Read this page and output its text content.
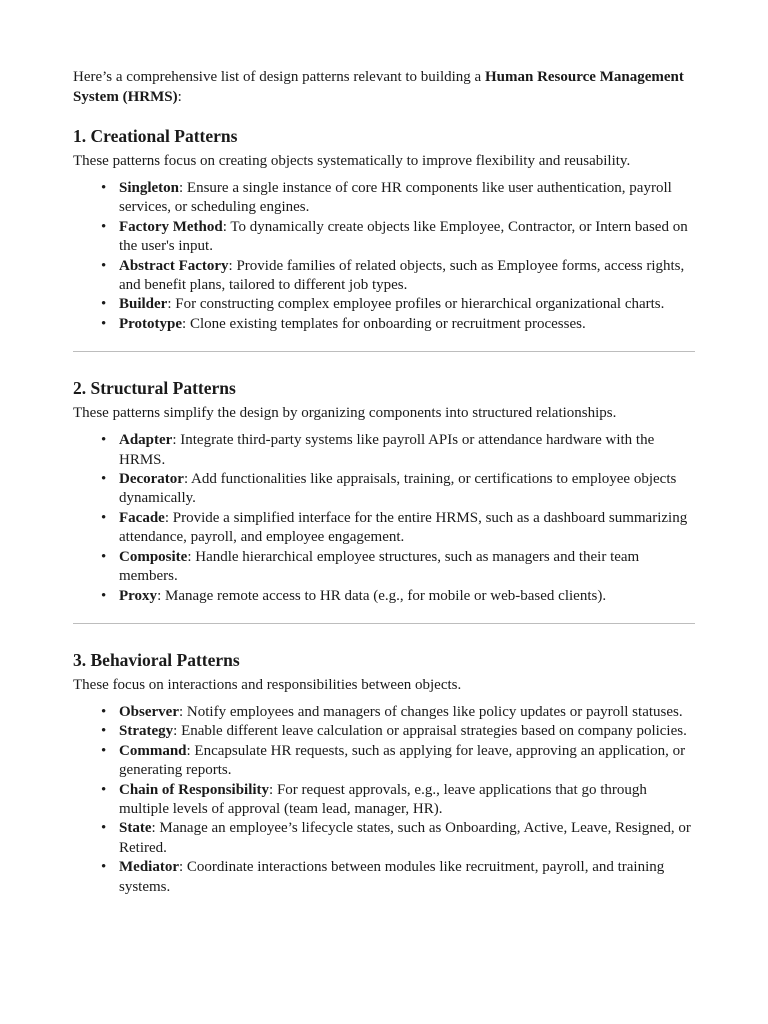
Here’s a comprehensive list of design patterns relevant to building a Human Resource Management System (HRMS):

1. Creational Patterns

These patterns focus on creating objects systematically to improve flexibility and reusability.

• Singleton: Ensure a single instance of core HR components like user authentication, payroll services, or scheduling engines.
• Factory Method: To dynamically create objects like Employee, Contractor, or Intern based on the user's input.
• Abstract Factory: Provide families of related objects, such as Employee forms, access rights, and benefit plans, tailored to different job types.
• Builder: For constructing complex employee profiles or hierarchical organizational charts.
• Prototype: Clone existing templates for onboarding or recruitment processes.
2. Structural Patterns

These patterns simplify the design by organizing components into structured relationships.

• Adapter: Integrate third-party systems like payroll APIs or attendance hardware with the HRMS.
• Decorator: Add functionalities like appraisals, training, or certifications to employee objects dynamically.
• Facade: Provide a simplified interface for the entire HRMS, such as a dashboard summarizing attendance, payroll, and employee engagement.
• Composite: Handle hierarchical employee structures, such as managers and their team members.
• Proxy: Manage remote access to HR data (e.g., for mobile or web-based clients).
3. Behavioral Patterns

These focus on interactions and responsibilities between objects.

• Observer: Notify employees and managers of changes like policy updates or payroll statuses.
• Strategy: Enable different leave calculation or appraisal strategies based on company policies.
• Command: Encapsulate HR requests, such as applying for leave, approving an application, or generating reports.
• Chain of Responsibility: For request approvals, e.g., leave applications that go through multiple levels of approval (team lead, manager, HR).
• State: Manage an employee’s lifecycle states, such as Onboarding, Active, Leave, Resigned, or Retired.
• Mediator: Coordinate interactions between modules like recruitment, payroll, and training systems.
